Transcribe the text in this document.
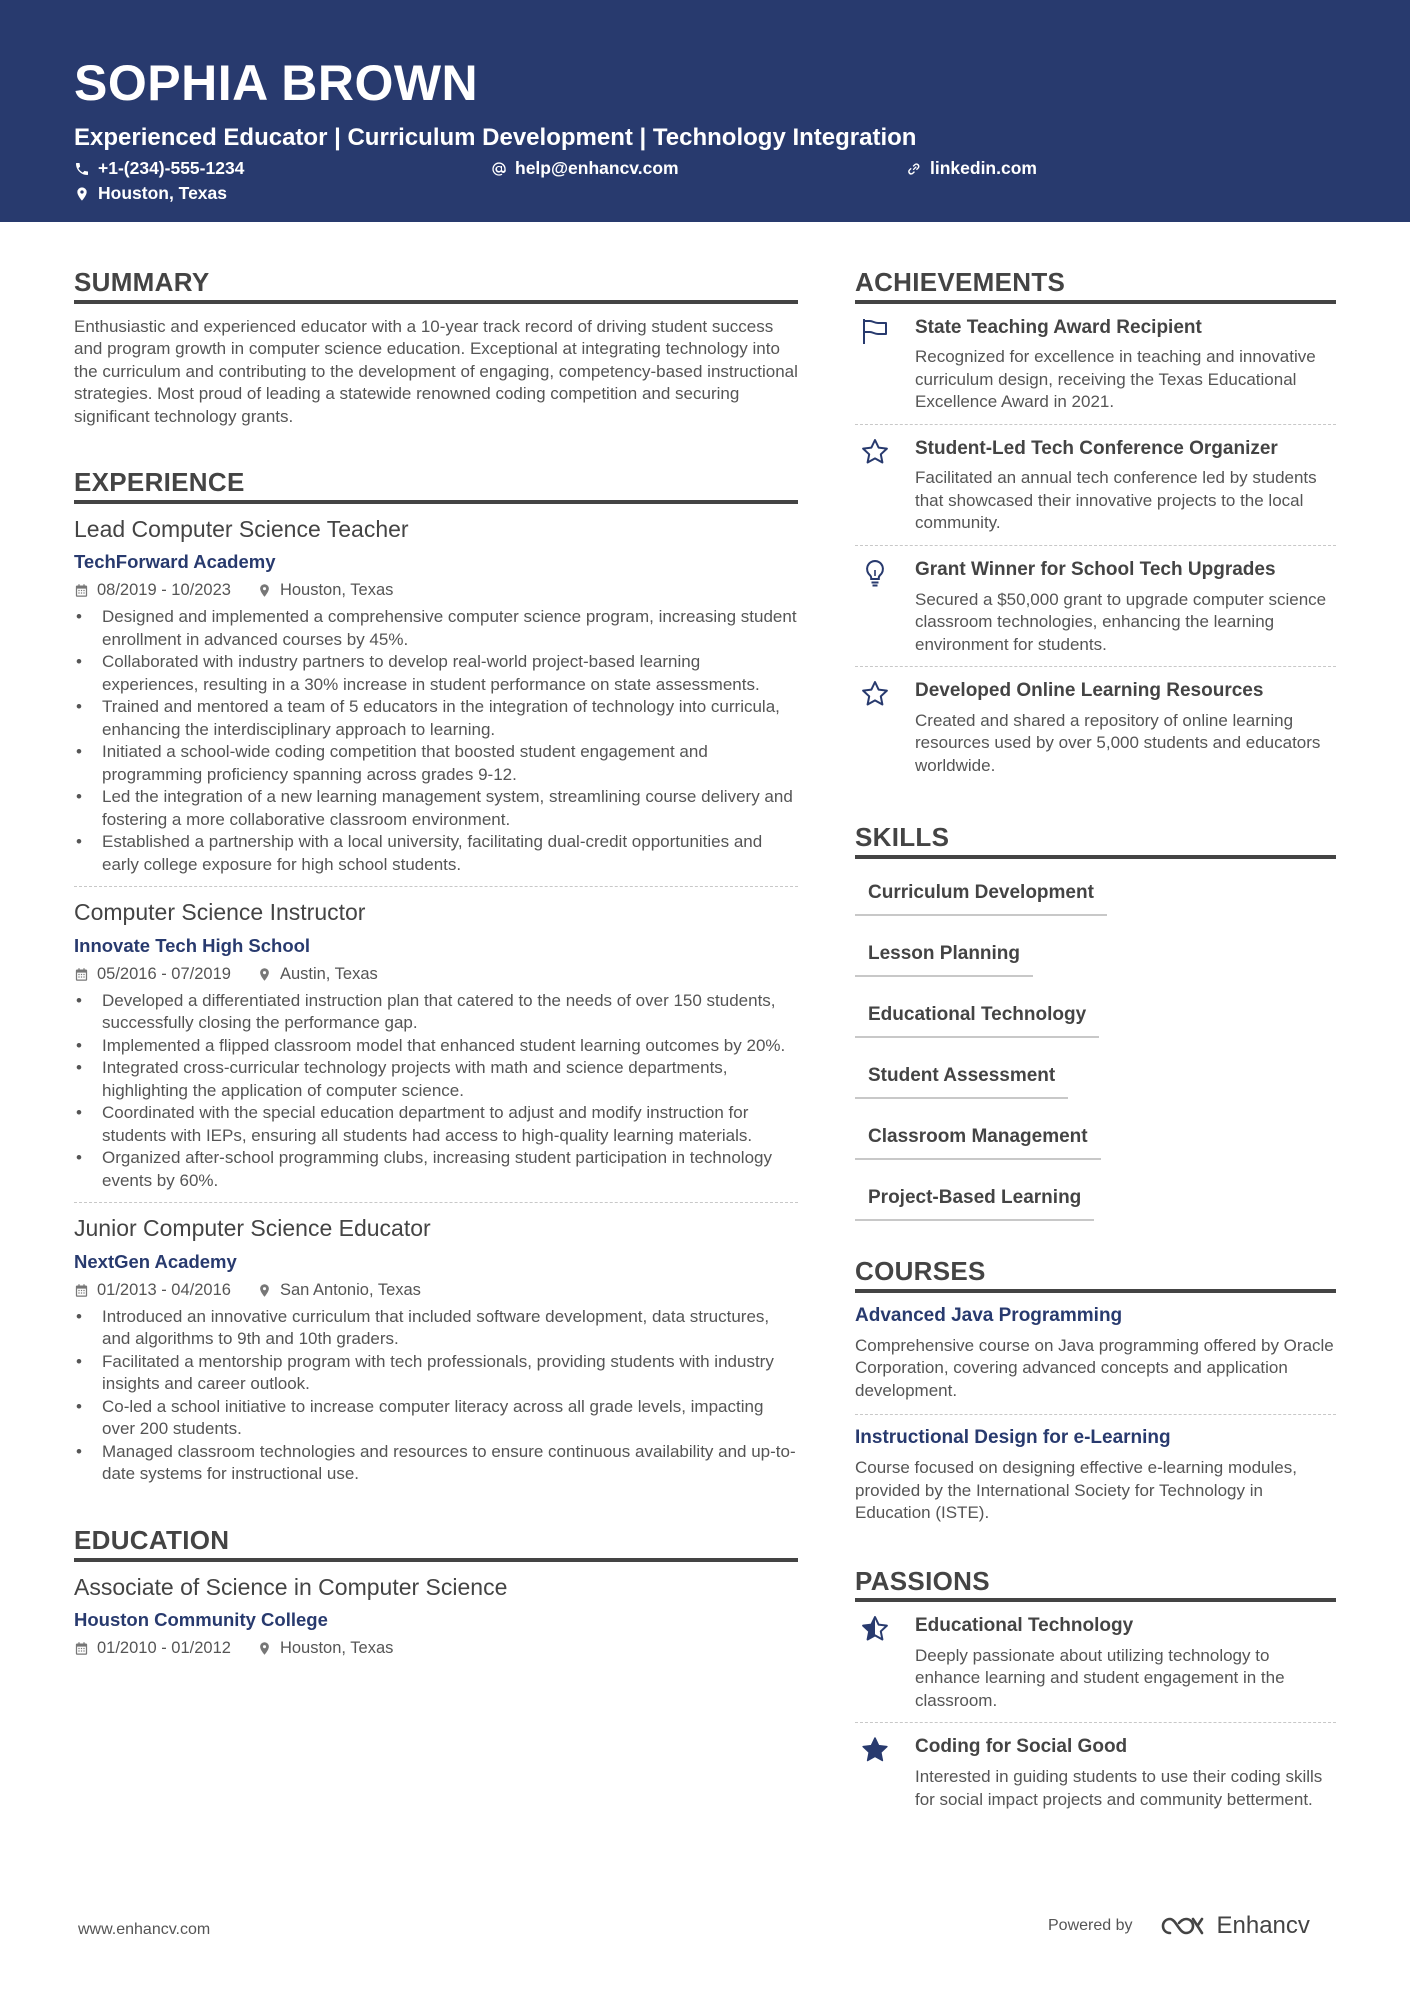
SOPHIA BROWN
Experienced Educator | Curriculum Development | Technology Integration
+1-(234)-555-1234	help@enhancv.com	linkedin.com
Houston, Texas
SUMMARY

Enthusiastic and experienced educator with a 10-year track record of driving student success and program growth in computer science education. Exceptional at integrating technology into the curriculum and contributing to the development of engaging, competency-based instructional strategies. Most proud of leading a statewide renowned coding competition and securing significant technology grants.

EXPERIENCE
Lead Computer Science Teacher
TechForward Academy
08/2019 - 10/2023	Houston, Texas
• Designed and implemented a comprehensive computer science program, increasing student enrollment in advanced courses by 45%.
• Collaborated with industry partners to develop real-world project-based learning experiences, resulting in a 30% increase in student performance on state assessments.
• Trained and mentored a team of 5 educators in the integration of technology into curricula, enhancing the interdisciplinary approach to learning.
• Initiated a school-wide coding competition that boosted student engagement and programming proficiency spanning across grades 9-12.
• Led the integration of a new learning management system, streamlining course delivery and fostering a more collaborative classroom environment.
• Established a partnership with a local university, facilitating dual-credit opportunities and early college exposure for high school students.
Computer Science Instructor
Innovate Tech High School
05/2016 - 07/2019	Austin, Texas
• Developed a differentiated instruction plan that catered to the needs of over 150 students, successfully closing the performance gap.
• Implemented a flipped classroom model that enhanced student learning outcomes by 20%.
• Integrated cross-curricular technology projects with math and science departments, highlighting the application of computer science.
• Coordinated with the special education department to adjust and modify instruction for students with IEPs, ensuring all students had access to high-quality learning materials.
• Organized after-school programming clubs, increasing student participation in technology events by 60%.
Junior Computer Science Educator
NextGen Academy
01/2013 - 04/2016	San Antonio, Texas
• Introduced an innovative curriculum that included software development, data structures, and algorithms to 9th and 10th graders.
• Facilitated a mentorship program with tech professionals, providing students with industry insights and career outlook.
• Co-led a school initiative to increase computer literacy across all grade levels, impacting over 200 students.
• Managed classroom technologies and resources to ensure continuous availability and up-to-date systems for instructional use.
EDUCATION
Associate of Science in Computer Science
Houston Community College
01/2010 - 01/2012	Houston, Texas
ACHIEVEMENTS
State Teaching Award Recipient
Recognized for excellence in teaching and innovative curriculum design, receiving the Texas Educational Excellence Award in 2021.
Student-Led Tech Conference Organizer
Facilitated an annual tech conference led by students that showcased their innovative projects to the local community.
Grant Winner for School Tech Upgrades
Secured a $50,000 grant to upgrade computer science classroom technologies, enhancing the learning environment for students.
Developed Online Learning Resources
Created and shared a repository of online learning resources used by over 5,000 students and educators worldwide.
SKILLS
Curriculum Development
Lesson Planning
Educational Technology
Student Assessment
Classroom Management
Project-Based Learning
COURSES
Advanced Java Programming
Comprehensive course on Java programming offered by Oracle Corporation, covering advanced concepts and application development.
Instructional Design for e-Learning
Course focused on designing effective e-learning modules, provided by the International Society for Technology in Education (ISTE).
PASSIONS
Educational Technology
Deeply passionate about utilizing technology to enhance learning and student engagement in the classroom.
Coding for Social Good
Interested in guiding students to use their coding skills for social impact projects and community betterment.
www.enhancv.com	Powered by	Enhancv
